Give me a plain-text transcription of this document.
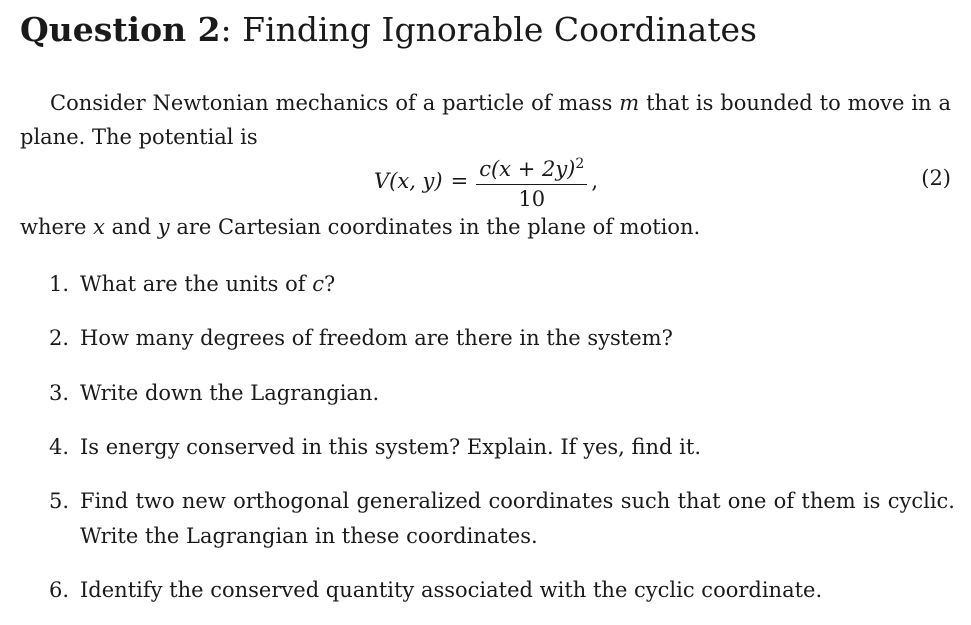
Question 2: Finding Ignorable Coordinates
Consider Newtonian mechanics of a particle of mass m that is bounded to move in a plane. The potential is
V(x, $y) = \frac{c(x + 2y)^2}{10}$ ,	(2)
where x and y are Cartesian coordinates in the plane of motion.
1. What are the units of c?
2. How many degrees of freedom are there in the system?
3. Write down the Lagrangian.
4. Is energy conserved in this system? Explain. If yes, find it.
5. Find two new orthogonal generalized coordinates such that one of them is cyclic. Write the Lagrangian in these coordinates.
6. Identify the conserved quantity associated with the cyclic coordinate.
